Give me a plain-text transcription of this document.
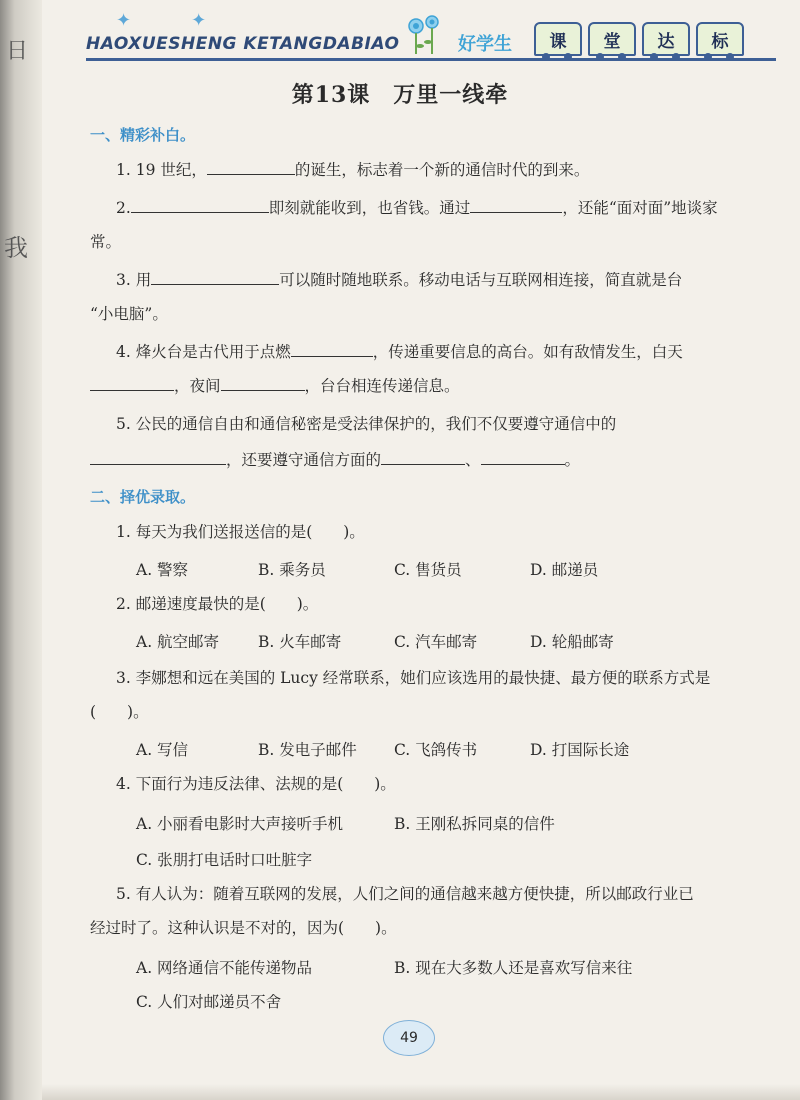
日
我
✦✦
HAOXUESHENG KETANGDABIAO	好学生	课	堂	达	标
第13课　万里一线牵
一、精彩补白。
1. 19 世纪，	的诞生，标志着一个新的通信时代的到来。
2.	即刻就能收到，也省钱。通过	，还能“面对面”地谈家
常。
3. 用	可以随时随地联系。移动电话与互联网相连接，简直就是台
“小电脑”。
4. 烽火台是古代用于点燃	，传递重要信息的高台。如有敌情发生，白天
，夜间	，台台相连传递信息。
5. 公民的通信自由和通信秘密是受法律保护的，我们不仅要遵守通信中的
，还要遵守通信方面的	、	。
二、择优录取。
1. 每天为我们送报送信的是(　　)。
A. 警察	B. 乘务员	C. 售货员	D. 邮递员
2. 邮递速度最快的是(　　)。
A. 航空邮寄	B. 火车邮寄	C. 汽车邮寄	D. 轮船邮寄
3. 李娜想和远在美国的 Lucy 经常联系，她们应该选用的最快捷、最方便的联系方式是
(　　)。
A. 写信	B. 发电子邮件 C. 飞鸽传书	D. 打国际长途
4. 下面行为违反法律、法规的是(　　)。
A. 小丽看电影时大声接听手机	B. 王刚私拆同桌的信件
C. 张朋打电话时口吐脏字
5. 有人认为：随着互联网的发展，人们之间的通信越来越方便快捷，所以邮政行业已
经过时了。这种认识是不对的，因为(　　)。
A. 网络通信不能传递物品	B. 现在大多数人还是喜欢写信来往
C. 人们对邮递员不舍
49
